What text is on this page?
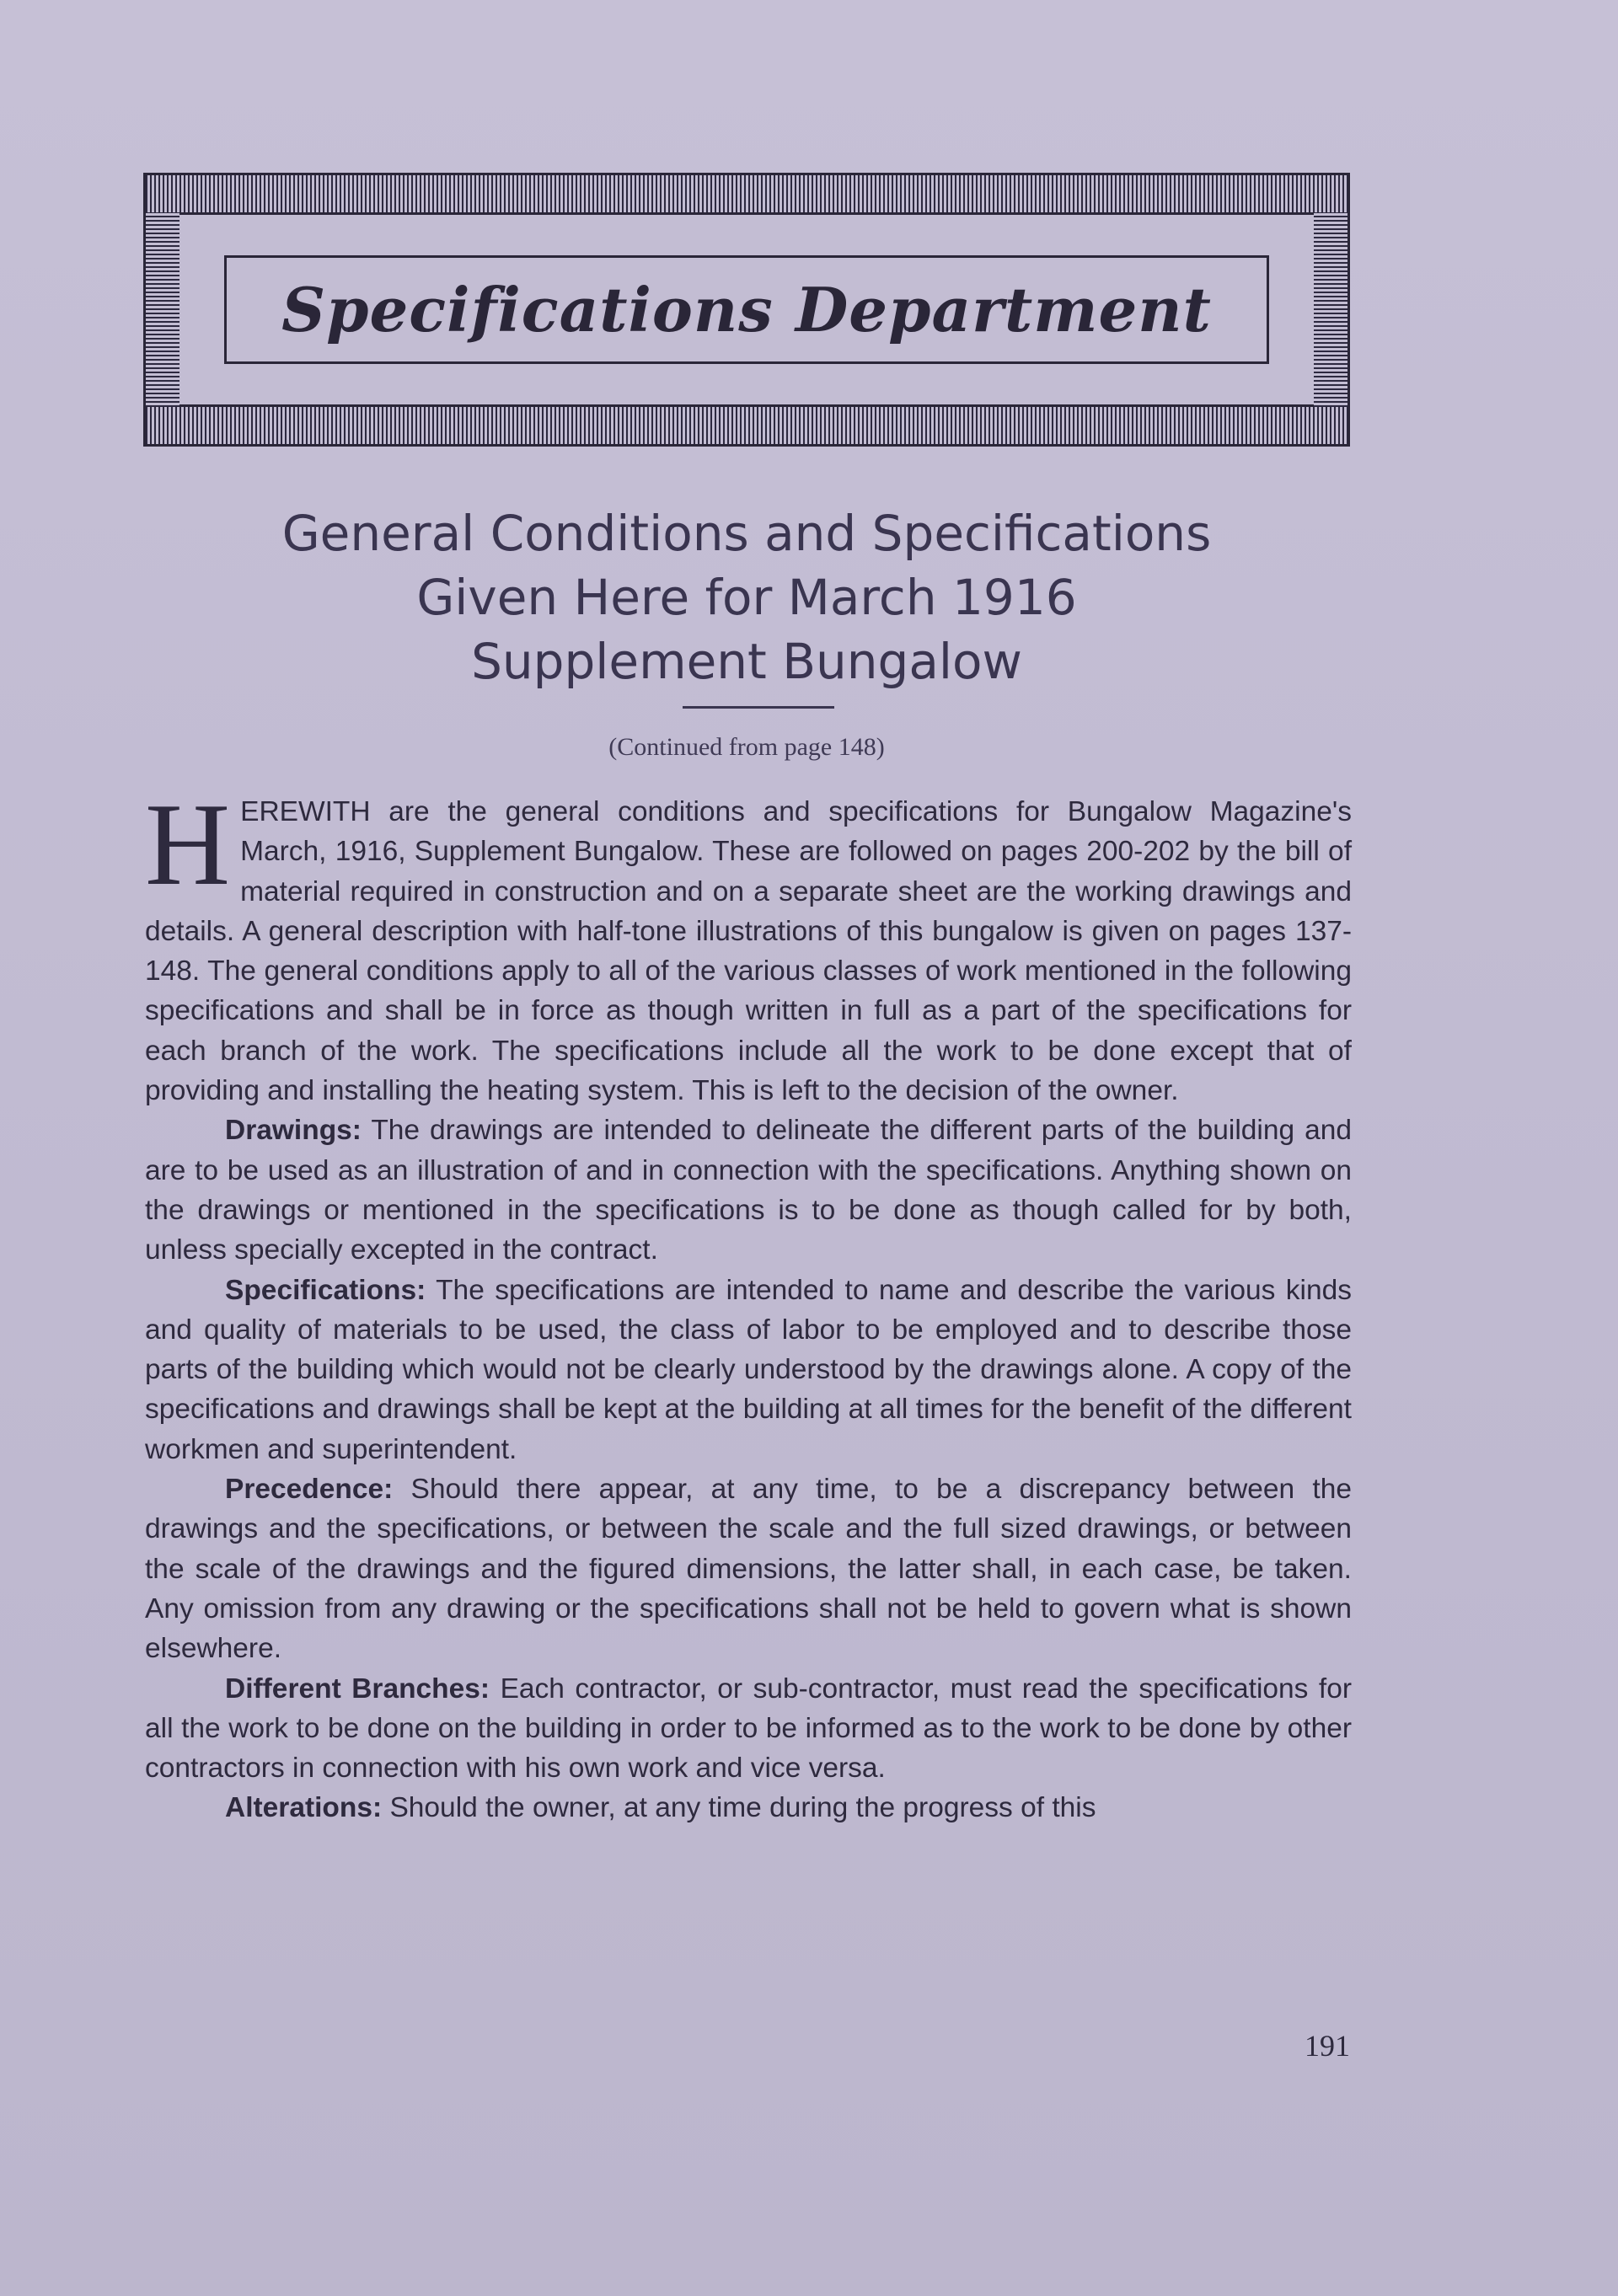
Specifications Department
General Conditions and Specifications
Given Here for March 1916
Supplement Bungalow
(Continued from page 148)

HEREWITH are the general conditions and specifications for Bungalow Magazine's March, 1916, Supplement Bungalow. These are followed on pages 200-202 by the bill of material required in construction and on a separate sheet are the working drawings and details. A general description with half-tone illustrations of this bungalow is given on pages 137-148. The general conditions apply to all of the various classes of work mentioned in the following specifications and shall be in force as though written in full as a part of the specifications for each branch of the work. The specifications include all the work to be done except that of providing and installing the heating system. This is left to the decision of the owner.

Drawings: The drawings are intended to delineate the different parts of the building and are to be used as an illustration of and in connection with the specifications. Anything shown on the drawings or mentioned in the specifications is to be done as though called for by both, unless specially excepted in the contract.

Specifications: The specifications are intended to name and describe the various kinds and quality of materials to be used, the class of labor to be employed and to describe those parts of the building which would not be clearly understood by the drawings alone. A copy of the specifications and drawings shall be kept at the building at all times for the benefit of the different workmen and superintendent.

Precedence: Should there appear, at any time, to be a discrepancy between the drawings and the specifications, or between the scale and the full sized drawings, or between the scale of the drawings and the figured dimensions, the latter shall, in each case, be taken. Any omission from any drawing or the specifications shall not be held to govern what is shown elsewhere.

Different Branches: Each contractor, or sub-contractor, must read the specifications for all the work to be done on the building in order to be informed as to the work to be done by other contractors in connection with his own work and vice versa.

Alterations: Should the owner, at any time during the progress of this

191
